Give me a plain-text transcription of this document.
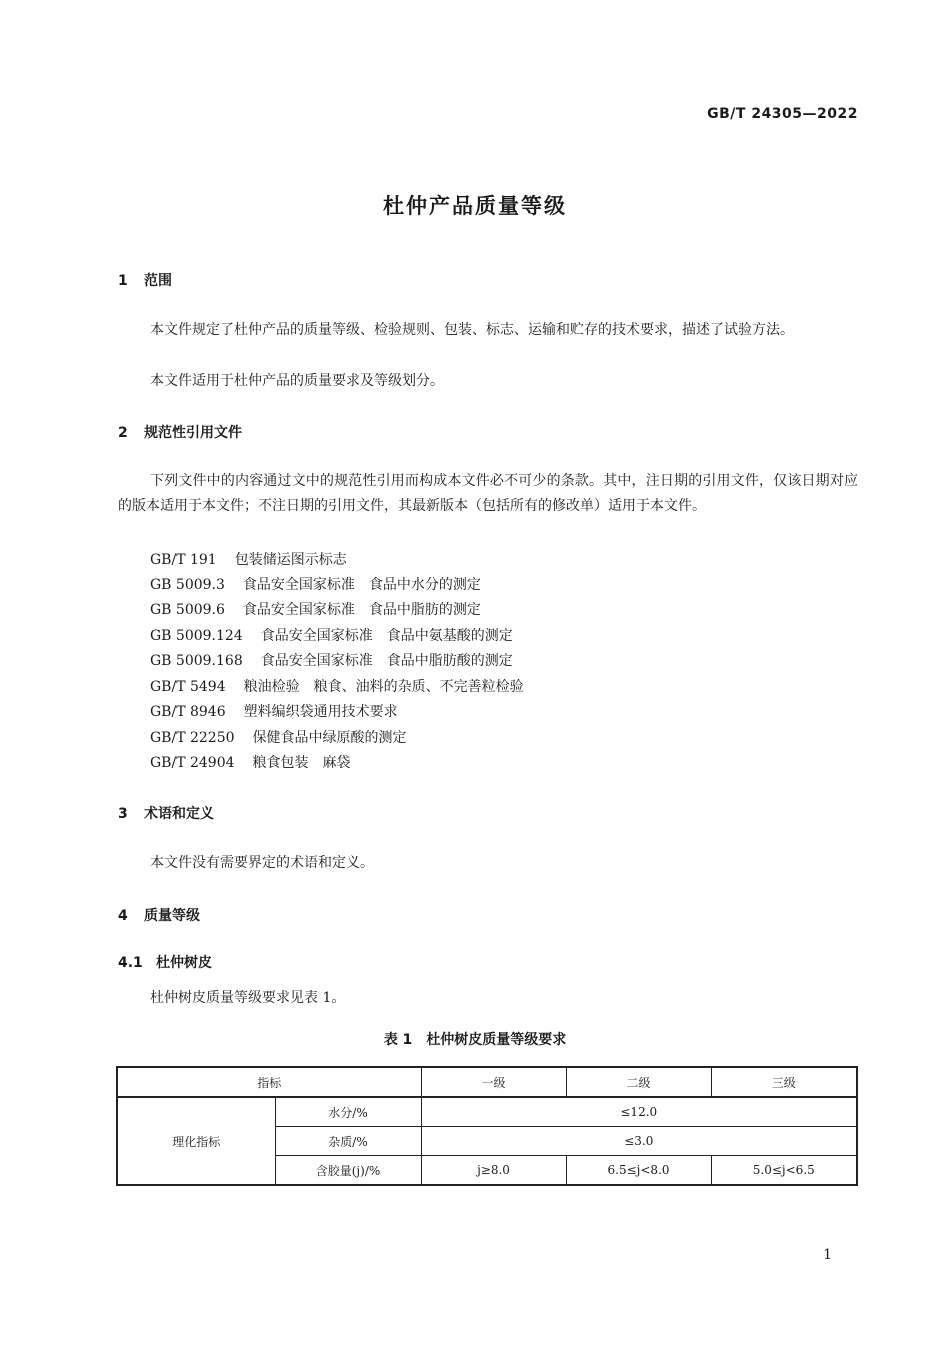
GB/T 24305—2022
杜仲产品质量等级
1 范围

本文件规定了杜仲产品的质量等级、检验规则、包装、标志、运输和贮存的技术要求，描述了试验方法。

本文件适用于杜仲产品的质量要求及等级划分。

2 规范性引用文件

下列文件中的内容通过文中的规范性引用而构成本文件必不可少的条款。其中，注日期的引用文件，仅该日期对应的版本适用于本文件；不注日期的引用文件，其最新版本（包括所有的修改单）适用于本文件。

GB/T 191 包装储运图示标志
GB 5009.3 食品安全国家标准　食品中水分的测定
GB 5009.6 食品安全国家标准　食品中脂肪的测定
GB 5009.124 食品安全国家标准　食品中氨基酸的测定
GB 5009.168 食品安全国家标准　食品中脂肪酸的测定
GB/T 5494 粮油检验　粮食、油料的杂质、不完善粒检验
GB/T 8946 塑料编织袋通用技术要求
GB/T 22250 保健食品中绿原酸的测定
GB/T 24904 粮食包装　麻袋
3 术语和定义

本文件没有需要界定的术语和定义。

4 质量等级
4.1 杜仲树皮

杜仲树皮质量等级要求见表 1。

表 1 杜仲树皮质量等级要求
指标		一级	二级	三级
理化指标	水分/%	≤12.0		
	杂质/%	≤3.0		
	含胶量(j)/%	j≥8.0	6.5≤j<8.0	5.0≤j<6.5
1
